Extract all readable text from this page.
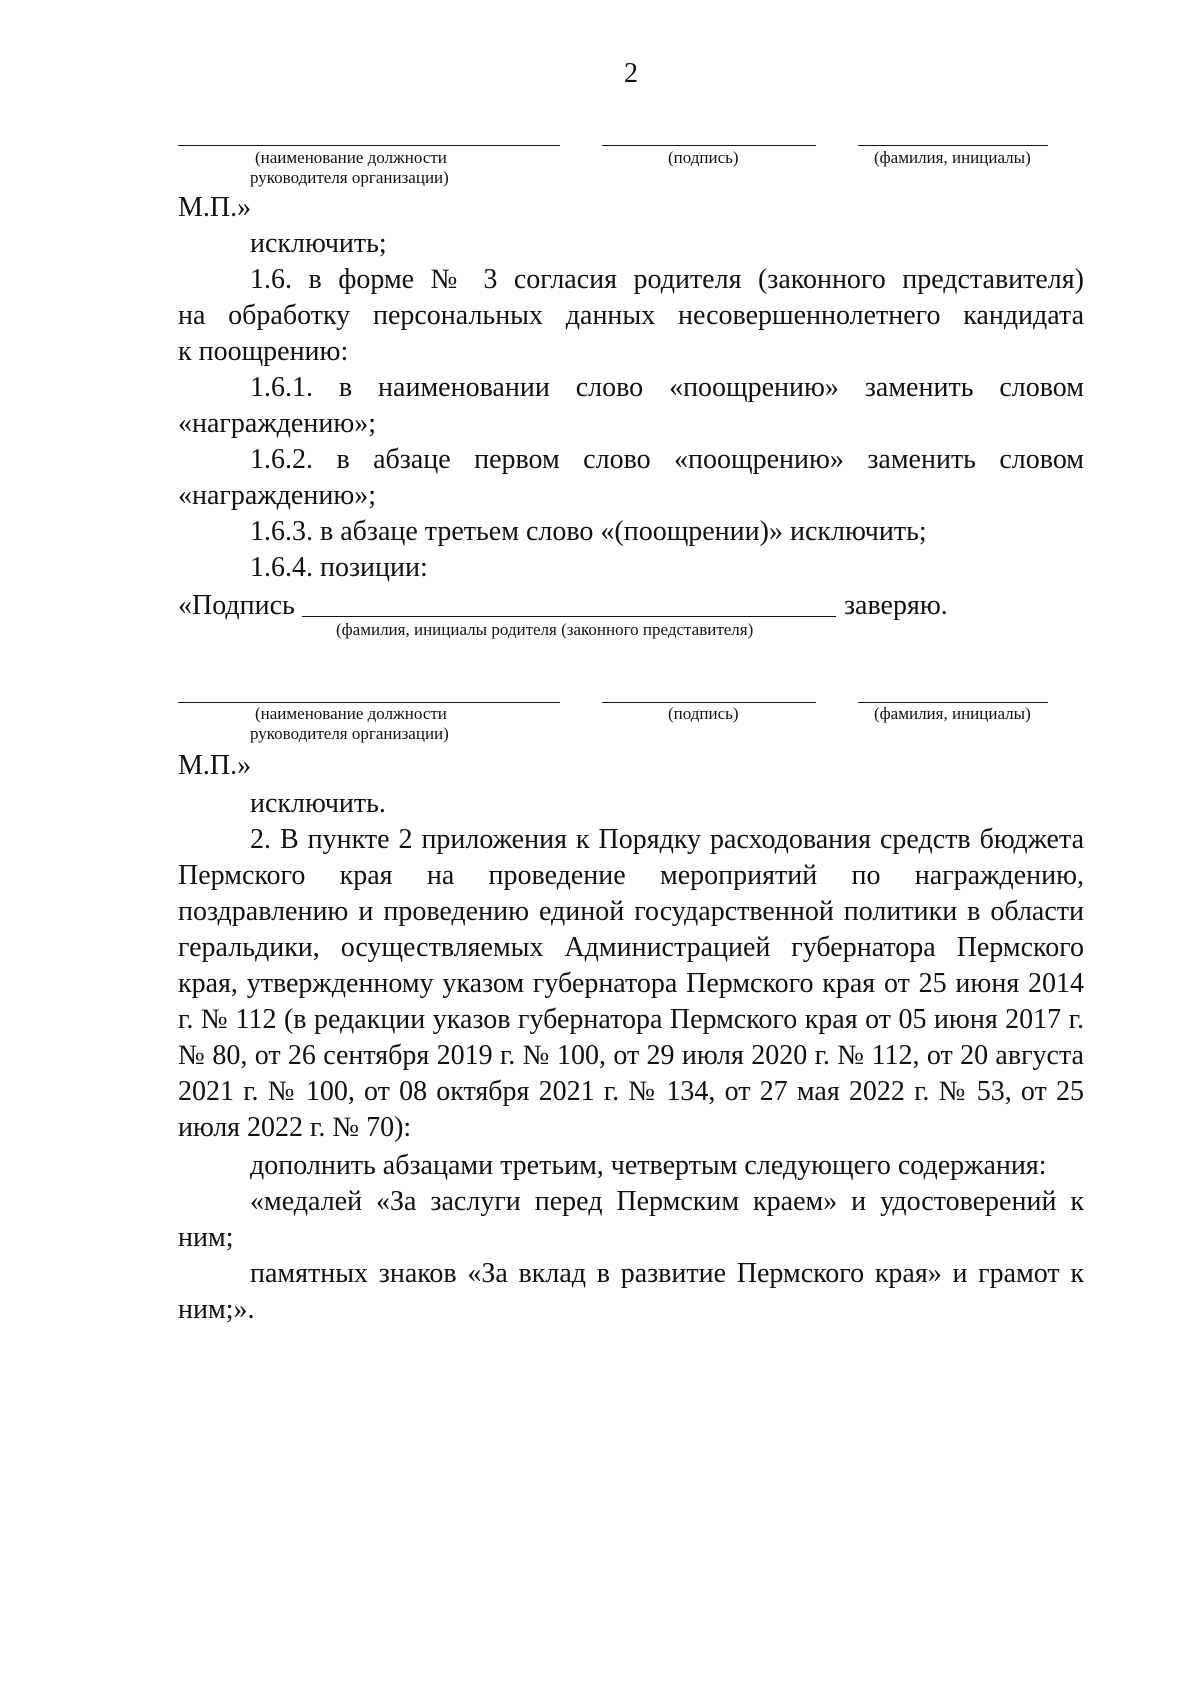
2
(наименование должности
руководителя организации)
(подпись)	(фамилия, инициалы)
М.П.»
исключить;
1.6. в форме № 3 согласия родителя (законного представителя)
на обработку персональных данных несовершеннолетнего кандидата
к поощрению:
1.6.1. в наименовании слово «поощрению» заменить словом
«награждению»;
1.6.2. в абзаце первом слово «поощрению» заменить словом
«награждению»;
1.6.3. в абзаце третьем слово «(поощрении)» исключить;
1.6.4. позиции:
«Подпись	заверяю.
(фамилия, инициалы родителя (законного представителя)
(наименование должности
руководителя организации)
(подпись)	(фамилия, инициалы)
М.П.»
исключить.
2. В пункте 2 приложения к Порядку расходования средств бюджета Пермского края на проведение мероприятий по награждению, поздравлению и проведению единой государственной политики в области геральдики, осуществляемых Администрацией губернатора Пермского края, утвержденному указом губернатора Пермского края от 25 июня 2014 г. № 112 (в редакции указов губернатора Пермского края от 05 июня 2017 г. № 80, от 26 сентября 2019 г. № 100, от 29 июля 2020 г. № 112, от 20 августа 2021 г. № 100, от 08 октября 2021 г. № 134, от 27 мая 2022 г. № 53, от 25 июля 2022 г. № 70):
дополнить абзацами третьим, четвертым следующего содержания:
«медалей «За заслуги перед Пермским краем» и удостоверений к ним;
памятных знаков «За вклад в развитие Пермского края» и грамот к ним;».
